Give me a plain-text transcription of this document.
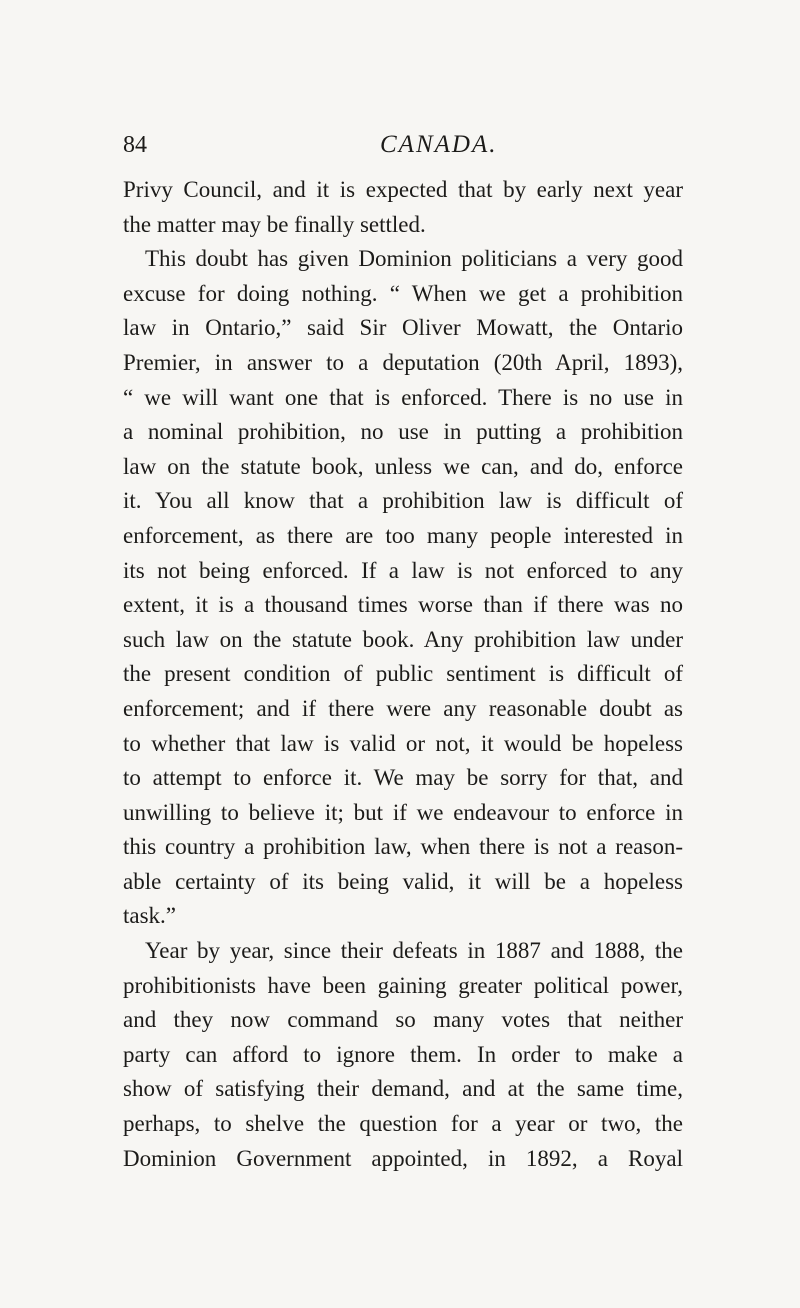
84	CANADA.
Privy Council, and it is expected that by early next year
the matter may be finally settled.
This doubt has given Dominion politicians a very good
excuse for doing nothing. “ When we get a prohibition
law in Ontario,” said Sir Oliver Mowatt, the Ontario
Premier, in answer to a deputation (20th April, 1893),
“ we will want one that is enforced. There is no use in
a nominal prohibition, no use in putting a prohibition
law on the statute book, unless we can, and do, enforce
it. You all know that a prohibition law is difficult of
enforcement, as there are too many people interested in
its not being enforced. If a law is not enforced to any
extent, it is a thousand times worse than if there was no
such law on the statute book. Any prohibition law under
the present condition of public sentiment is difficult of
enforcement; and if there were any reasonable doubt as
to whether that law is valid or not, it would be hopeless
to attempt to enforce it. We may be sorry for that, and
unwilling to believe it; but if we endeavour to enforce in
this country a prohibition law, when there is not a reason-
able certainty of its being valid, it will be a hopeless
task.”
Year by year, since their defeats in 1887 and 1888, the
prohibitionists have been gaining greater political power,
and they now command so many votes that neither
party can afford to ignore them. In order to make a
show of satisfying their demand, and at the same time,
perhaps, to shelve the question for a year or two, the
Dominion Government appointed, in 1892, a Royal
